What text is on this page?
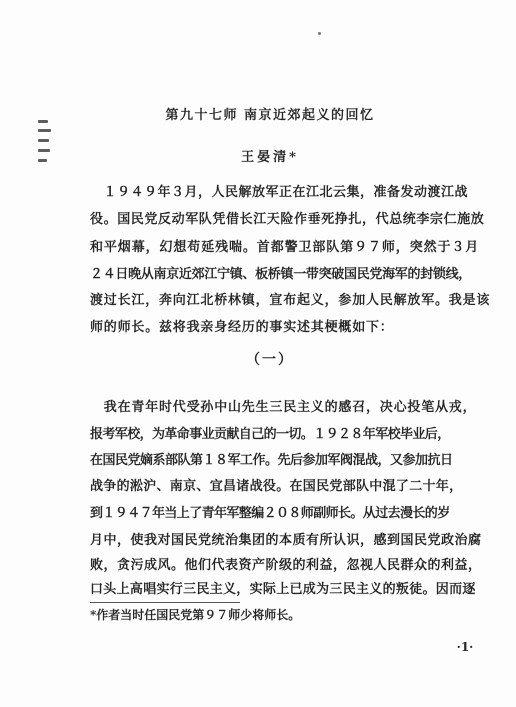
第九十七师 南京近郊起义的回忆
王晏清*
　１９４９年３月，人民解放军正在江北云集，准备发动渡江战
役。国民党反动军队凭借长江天险作垂死挣扎，代总统李宗仁施放
和平烟幕，幻想苟延残喘。首都警卫部队第９７师，突然于３月
２４日晚从南京近郊江宁镇、板桥镇一带突破国民党海军的封锁线，
渡过长江，奔向江北桥林镇，宣布起义，参加人民解放军。我是该
师的师长。兹将我亲身经历的事实述其梗概如下：
（一）
　我在青年时代受孙中山先生三民主义的感召，决心投笔从戎，
报考军校，为革命事业贡献自己的一切。１９２８年军校毕业后，
在国民党嫡系部队第１８军工作。先后参加军阀混战，又参加抗日
战争的淞沪、南京、宜昌诸战役。在国民党部队中混了二十年，
到１９４７年当上了青年军整编２０８师副师长。从过去漫长的岁
月中，使我对国民党统治集团的本质有所认识，感到国民党政治腐
败，贪污成风。他们代表资产阶级的利益，忽视人民群众的利益，
口头上高唱实行三民主义，实际上已成为三民主义的叛徒。因而逐
*作者当时任国民党第９７师少将师长。
·1·
